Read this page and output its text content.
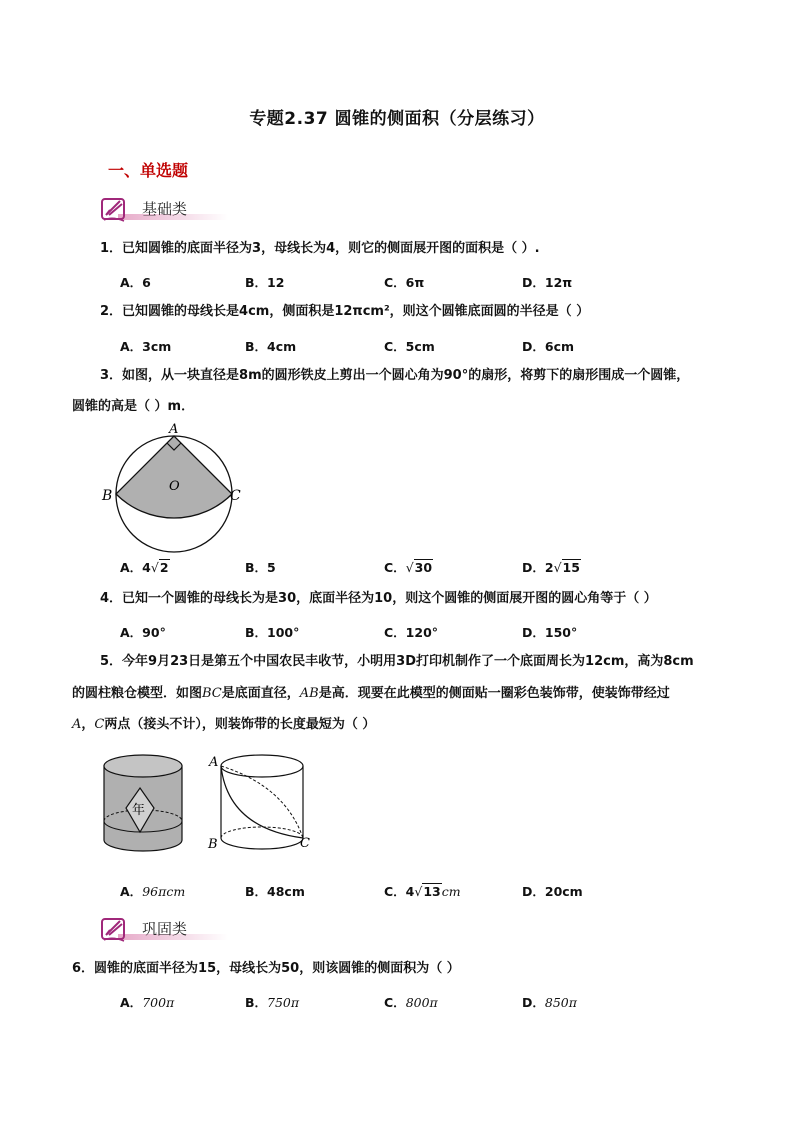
专题2.37 圆锥的侧面积（分层练习）
一、单选题
基础类
1．已知圆锥的底面半径为3，母线长为4，则它的侧面展开图的面积是（ ）.
A．6	B．12	C．6π	D．12π
2．已知圆锥的母线长是4cm，侧面积是12πcm²，则这个圆锥底面圆的半径是（ ）
A．3cm	B．4cm	C．5cm	D．6cm
3．如图，从一块直径是8m的圆形铁皮上剪出一个圆心角为90°的扇形，将剪下的扇形围成一个圆锥，
圆锥的高是（ ）m．
A
B	C
O
A．4√2	B．5	C．√30	D．2√15
4．已知一个圆锥的母线长为是30，底面半径为10，则这个圆锥的侧面展开图的圆心角等于（ ）
A．90°	B．100°	C．120°	D．150°
5．今年9月23日是第五个中国农民丰收节，小明用3D打印机制作了一个底面周长为12cm，高为8cm
的圆柱粮仓模型．如图BC是底面直径，AB是高．现要在此模型的侧面贴一圈彩色装饰带，使装饰带经过
A，C两点（接头不计），则装饰带的长度最短为（ ）
年
A
B	C
A．96πcm	B．48cm	C．4√13cm	D．20cm
巩固类
6．圆锥的底面半径为15，母线长为50，则该圆锥的侧面积为（ ）
A．700π	B．750π	C．800π	D．850π
